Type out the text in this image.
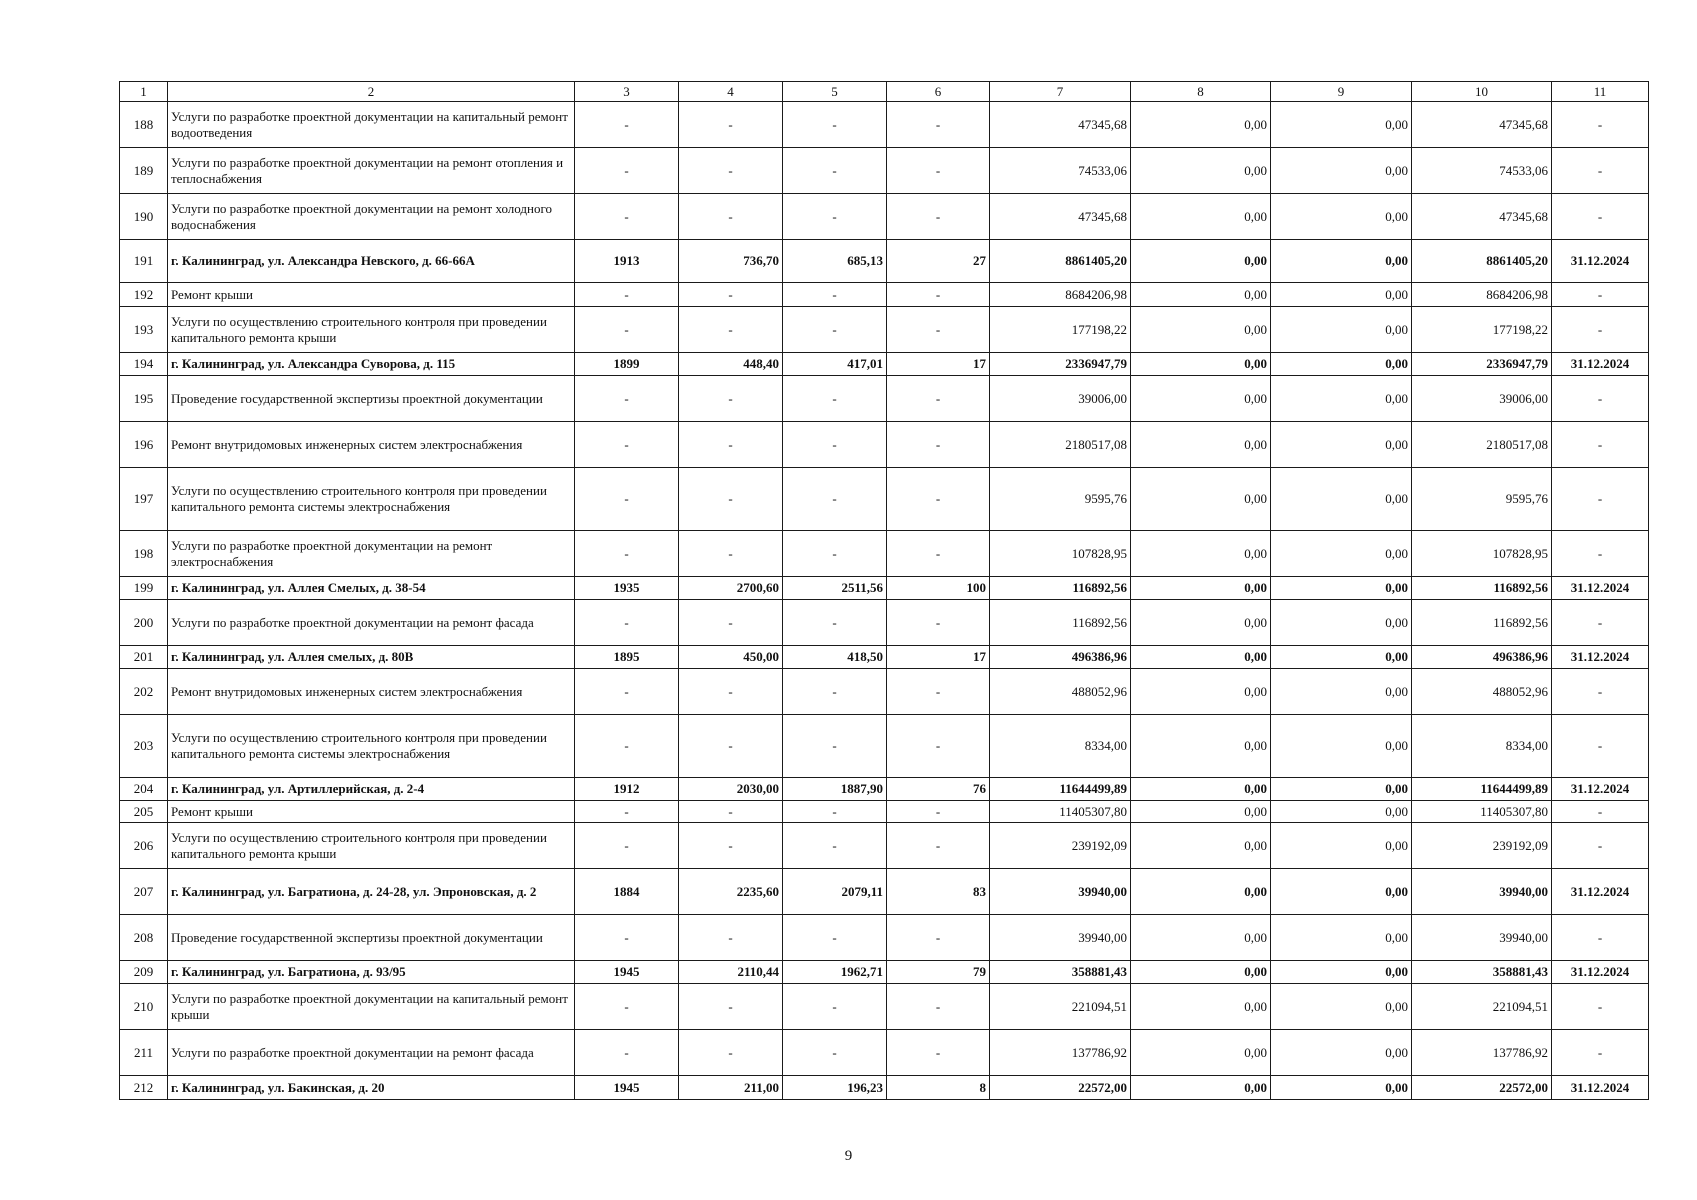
1	2	3	4	5	6	7	8	9	10	11
188	Услуги по разработке проектной документации на капитальный ремонт водоотведения	-	-	-	-	47345,68	0,00	0,00	47345,68	-
189	Услуги по разработке проектной документации на ремонт отопления и теплоснабжения	-	-	-	-	74533,06	0,00	0,00	74533,06	-
190	Услуги по разработке проектной документации на ремонт холодного водоснабжения	-	-	-	-	47345,68	0,00	0,00	47345,68	-
191	г. Калининград, ул. Александра Невского, д. 66-66А	1913	736,70	685,13	27	8861405,20	0,00	0,00	8861405,20	31.12.2024
192	Ремонт крыши	-	-	-	-	8684206,98	0,00	0,00	8684206,98	-
193	Услуги по осуществлению строительного контроля при проведении капитального ремонта крыши	-	-	-	-	177198,22	0,00	0,00	177198,22	-
194	г. Калининград, ул. Александра Суворова, д. 115	1899	448,40	417,01	17	2336947,79	0,00	0,00	2336947,79	31.12.2024
195	Проведение государственной экспертизы проектной документации	-	-	-	-	39006,00	0,00	0,00	39006,00	-
196	Ремонт внутридомовых инженерных систем электроснабжения	-	-	-	-	2180517,08	0,00	0,00	2180517,08	-
197	Услуги по осуществлению строительного контроля при проведении капитального ремонта системы электроснабжения	-	-	-	-	9595,76	0,00	0,00	9595,76	-
198	Услуги по разработке проектной документации на ремонт электроснабжения	-	-	-	-	107828,95	0,00	0,00	107828,95	-
199	г. Калининград, ул. Аллея Смелых, д. 38-54	1935	2700,60	2511,56	100	116892,56	0,00	0,00	116892,56	31.12.2024
200	Услуги по разработке проектной документации на ремонт фасада	-	-	-	-	116892,56	0,00	0,00	116892,56	-
201	г. Калининград, ул. Аллея смелых, д. 80В	1895	450,00	418,50	17	496386,96	0,00	0,00	496386,96	31.12.2024
202	Ремонт внутридомовых инженерных систем электроснабжения	-	-	-	-	488052,96	0,00	0,00	488052,96	-
203	Услуги по осуществлению строительного контроля при проведении капитального ремонта системы электроснабжения	-	-	-	-	8334,00	0,00	0,00	8334,00	-
204	г. Калининград, ул. Артиллерийская, д. 2-4	1912	2030,00	1887,90	76	11644499,89	0,00	0,00	11644499,89	31.12.2024
205	Ремонт крыши	-	-	-	-	11405307,80	0,00	0,00	11405307,80	-
206	Услуги по осуществлению строительного контроля при проведении капитального ремонта крыши	-	-	-	-	239192,09	0,00	0,00	239192,09	-
207	г. Калининград, ул. Багратиона, д. 24-28, ул. Эпроновская, д. 2	1884	2235,60	2079,11	83	39940,00	0,00	0,00	39940,00	31.12.2024
208	Проведение государственной экспертизы проектной документации	-	-	-	-	39940,00	0,00	0,00	39940,00	-
209	г. Калининград, ул. Багратиона, д. 93/95	1945	2110,44	1962,71	79	358881,43	0,00	0,00	358881,43	31.12.2024
210	Услуги по разработке проектной документации на капитальный ремонт крыши	-	-	-	-	221094,51	0,00	0,00	221094,51	-
211	Услуги по разработке проектной документации на ремонт фасада	-	-	-	-	137786,92	0,00	0,00	137786,92	-
212	г. Калининград, ул. Бакинская, д. 20	1945	211,00	196,23	8	22572,00	0,00	0,00	22572,00	31.12.2024
9
